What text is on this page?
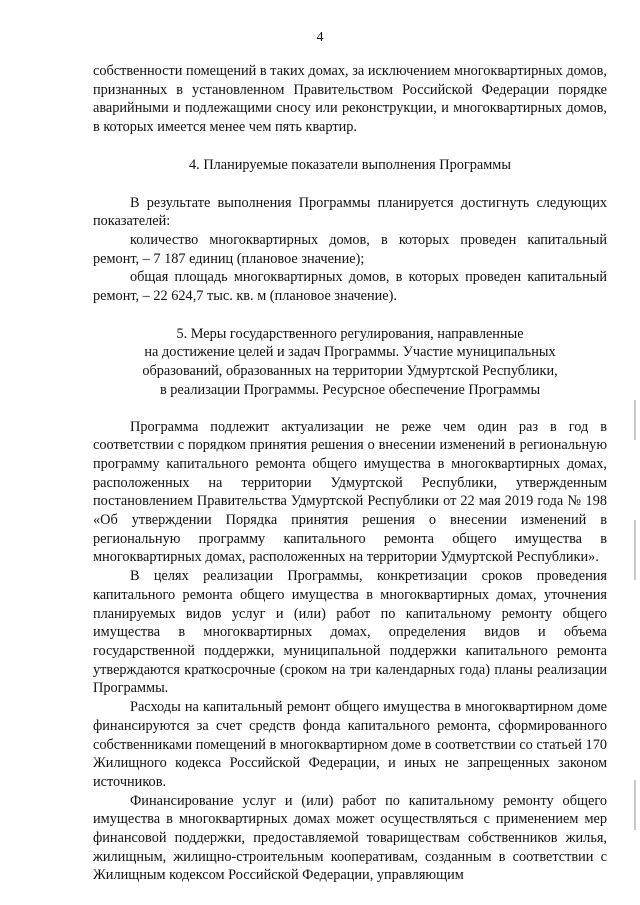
4

собственности помещений в таких домах, за исключением многоквартирных домов, признанных в установленном Правительством Российской Федерации порядке аварийными и подлежащими сносу или реконструкции, и многоквартирных домов, в которых имеется менее чем пять квартир.

4. Планируемые показатели выполнения Программы

В результате выполнения Программы планируется достигнуть следующих показателей:

количество многоквартирных домов, в которых проведен капитальный ремонт, – 7 187 единиц (плановое значение);

общая площадь многоквартирных домов, в которых проведен капитальный ремонт, – 22 624,7 тыс. кв. м (плановое значение).

5. Меры государственного регулирования, направленные

на достижение целей и задач Программы. Участие муниципальных

образований, образованных на территории Удмуртской Республики,

в реализации Программы. Ресурсное обеспечение Программы

Программа подлежит актуализации не реже чем один раз в год в соответствии с порядком принятия решения о внесении изменений в региональную программу капитального ремонта общего имущества в многоквартирных домах, расположенных на территории Удмуртской Республики, утвержденным постановлением Правительства Удмуртской Республики от 22 мая 2019 года № 198 «Об утверждении Порядка принятия решения о внесении изменений в региональную программу капитального ремонта общего имущества в многоквартирных домах, расположенных на территории Удмуртской Республики».

В целях реализации Программы, конкретизации сроков проведения капитального ремонта общего имущества в многоквартирных домах, уточнения планируемых видов услуг и (или) работ по капитальному ремонту общего имущества в многоквартирных домах, определения видов и объема государственной поддержки, муниципальной поддержки капитального ремонта утверждаются краткосрочные (сроком на три календарных года) планы реализации Программы.

Расходы на капитальный ремонт общего имущества в многоквартирном доме финансируются за счет средств фонда капитального ремонта, сформированного собственниками помещений в многоквартирном доме в соответствии со статьей 170 Жилищного кодекса Российской Федерации, и иных не запрещенных законом источников.

Финансирование услуг и (или) работ по капитальному ремонту общего имущества в многоквартирных домах может осуществляться с применением мер финансовой поддержки, предоставляемой товариществам собственников жилья, жилищным, жилищно-строительным кооперативам, созданным в соответствии с Жилищным кодексом Российской Федерации, управляющим
